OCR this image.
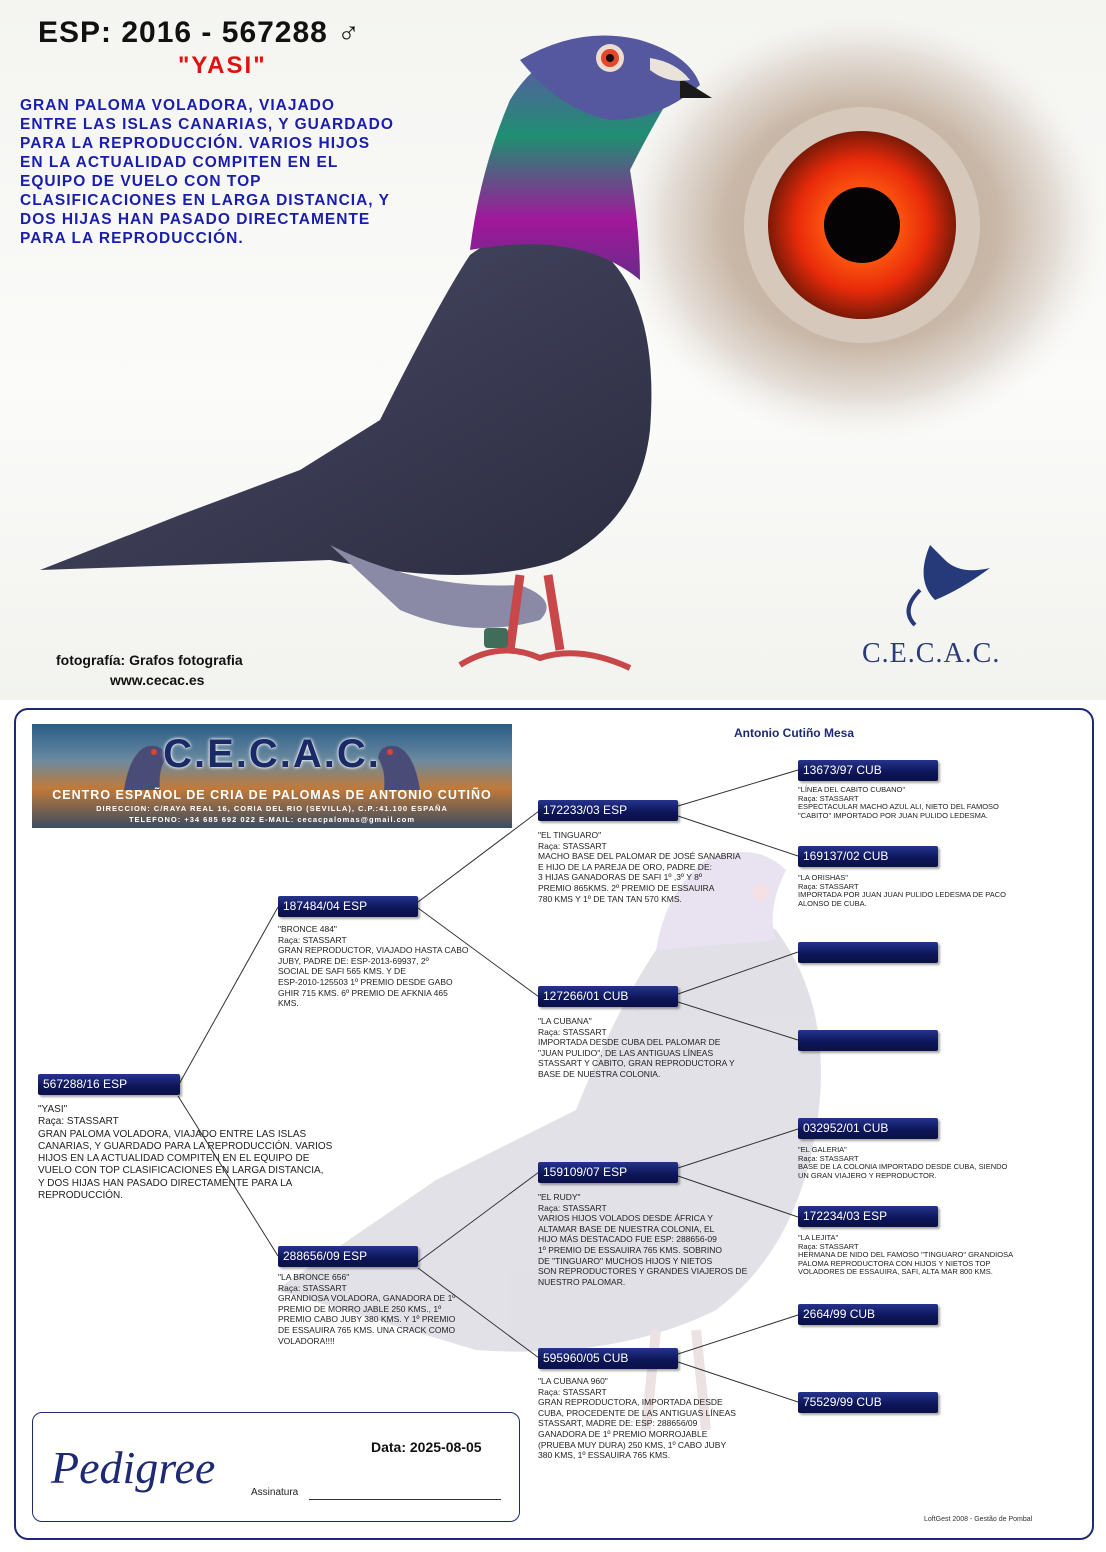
ESP: 2016 - 567288 ♂
"YASI"
GRAN PALOMA VOLADORA, VIAJADO
ENTRE LAS ISLAS CANARIAS, Y GUARDADO
PARA LA REPRODUCCIÓN. VARIOS HIJOS
EN LA ACTUALIDAD COMPITEN EN EL
EQUIPO DE VUELO CON TOP
CLASIFICACIONES EN LARGA DISTANCIA, Y
DOS HIJAS HAN PASADO DIRECTAMENTE
PARA LA REPRODUCCIÓN.
fotografía: Grafos fotografia
www.cecac.es
C.E.C.A.C.
Antonio Cutiño Mesa
C.E.C.A.C.
CENTRO ESPAÑOL DE CRIA DE PALOMAS DE ANTONIO CUTIÑO
DIRECCION: C/RAYA REAL 16, CORIA DEL RIO (SEVILLA), C.P.:41.100 ESPAÑA
TELEFONO: +34 685 692 022 E-MAIL: cecacpalomas@gmail.com
567288/16 ESP
"YASI"
Raça: STASSART
GRAN PALOMA VOLADORA, VIAJADO ENTRE LAS ISLAS
CANARIAS, Y GUARDADO PARA LA REPRODUCCIÓN. VARIOS
HIJOS EN LA ACTUALIDAD COMPITEN EN EL EQUIPO DE
VUELO CON TOP CLASIFICACIONES EN LARGA DISTANCIA,
Y DOS HIJAS HAN PASADO DIRECTAMENTE PARA LA
REPRODUCCIÓN.
187484/04 ESP
"BRONCE 484"
Raça: STASSART
GRAN REPRODUCTOR, VIAJADO HASTA CABO
JUBY, PADRE DE: ESP-2013-69937, 2º
SOCIAL DE SAFI 565 KMS. Y DE
ESP-2010-125503 1º PREMIO DESDE GABO
GHIR 715 KMS. 6º PREMIO DE AFKNIA 465
KMS.
288656/09 ESP
"LA BRONCE 656"
Raça: STASSART
GRANDIOSA VOLADORA, GANADORA DE 1º
PREMIO DE MORRO JABLE 250 KMS., 1º
PREMIO CABO JUBY 380 KMS. Y 1º PREMIO
DE ESSAUIRA 765 KMS. UNA CRACK COMO
VOLADORA!!!!
172233/03 ESP
"EL TINGUARO"
Raça: STASSART
MACHO BASE DEL PALOMAR DE JOSÉ SANABRIA
E HIJO DE LA PAREJA DE ORO, PADRE DE:
3 HIJAS GANADORAS DE SAFI 1º ,3º Y 8º
PREMIO 865KMS. 2º PREMIO DE ESSAUIRA
780 KMS Y 1º DE TAN TAN 570 KMS.
127266/01 CUB
"LA CUBANA"
Raça: STASSART
IMPORTADA DESDE CUBA DEL PALOMAR DE
"JUAN PULIDO", DE LAS ANTIGUAS LÍNEAS
STASSART Y CABITO, GRAN REPRODUCTORA Y
BASE DE NUESTRA COLONIA.
159109/07 ESP
"EL RUDY"
Raça: STASSART
VARIOS HIJOS VOLADOS DESDE ÁFRICA Y
ALTAMAR BASE DE NUESTRA COLONIA, EL
HIJO MÁS DESTACADO FUE ESP: 288656-09
1º PREMIO DE ESSAUIRA 765 KMS. SOBRINO
DE "TINGUARO" MUCHOS HIJOS Y NIETOS
SON REPRODUCTORES Y GRANDES VIAJEROS DE
NUESTRO PALOMAR.
595960/05 CUB
"LA CUBANA 960"
Raça: STASSART
GRAN REPRODUCTORA, IMPORTADA DESDE
CUBA, PROCEDENTE DE LAS ANTIGUAS LÍNEAS
STASSART, MADRE DE: ESP: 288656/09
GANADORA DE 1º PREMIO MORROJABLE
(PRUEBA MUY DURA) 250 KMS, 1º CABO JUBY
380 KMS, 1º ESSAUIRA 765 KMS.
13673/97 CUB
"LÍNEA DEL CABITO CUBANO"
Raça: STASSART
ESPECTACULAR MACHO AZUL ALI, NIETO DEL FAMOSO
"CABITO" IMPORTADO POR JUAN PULIDO LEDESMA.
169137/02 CUB
"LA ORISHAS"
Raça: STASSART
IMPORTADA POR JUAN JUAN PULIDO LEDESMA DE PACO
ALONSO DE CUBA.
032952/01 CUB
"EL GALERIA"
Raça: STASSART
BASE DE LA COLONIA IMPORTADO DESDE CUBA, SIENDO
UN GRAN VIAJERO Y REPRODUCTOR.
172234/03 ESP
"LA LEJITA"
Raça: STASSART
HERMANA DE NIDO DEL FAMOSO "TINGUARO" GRANDIOSA
PALOMA REPRODUCTORA CON HIJOS Y NIETOS TOP
VOLADORES DE ESSAUIRA, SAFI, ALTA MAR 800 KMS.
2664/99 CUB
75529/99 CUB
Pedigree	Data: 2025-08-05
Assinatura
LoftGest 2008 - Gestão de Pombal
